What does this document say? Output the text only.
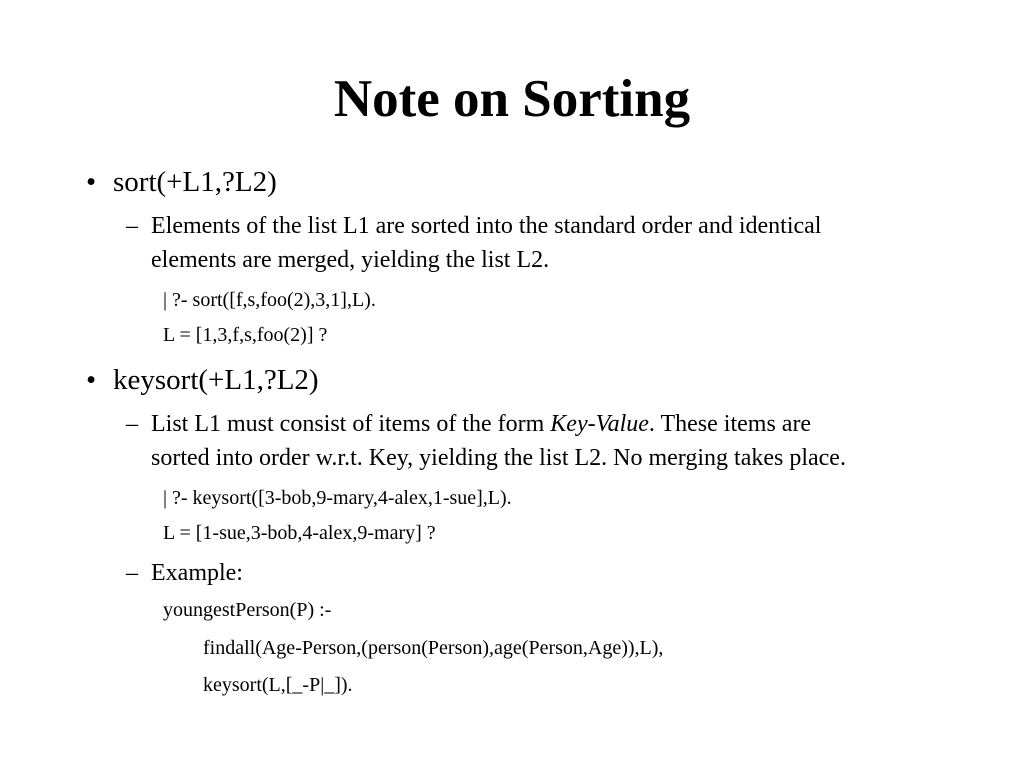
Note on Sorting
• sort(+L1,?L2)
– Elements of the list L1 are sorted into the standard order and identical
elements are merged, yielding the list L2.
| ?- sort([f,s,foo(2),3,1],L).
L = [1,3,f,s,foo(2)] ?
• keysort(+L1,?L2)
– List L1 must consist of items of the form Key-Value. These items are
sorted into order w.r.t. Key, yielding the list L2. No merging takes place.
| ?- keysort([3-bob,9-mary,4-alex,1-sue],L).
L = [1-sue,3-bob,4-alex,9-mary] ?
– Example:
youngestPerson(P) :-
findall(Age-Person,(person(Person),age(Person,Age)),L),
keysort(L,[_-P|_]).
